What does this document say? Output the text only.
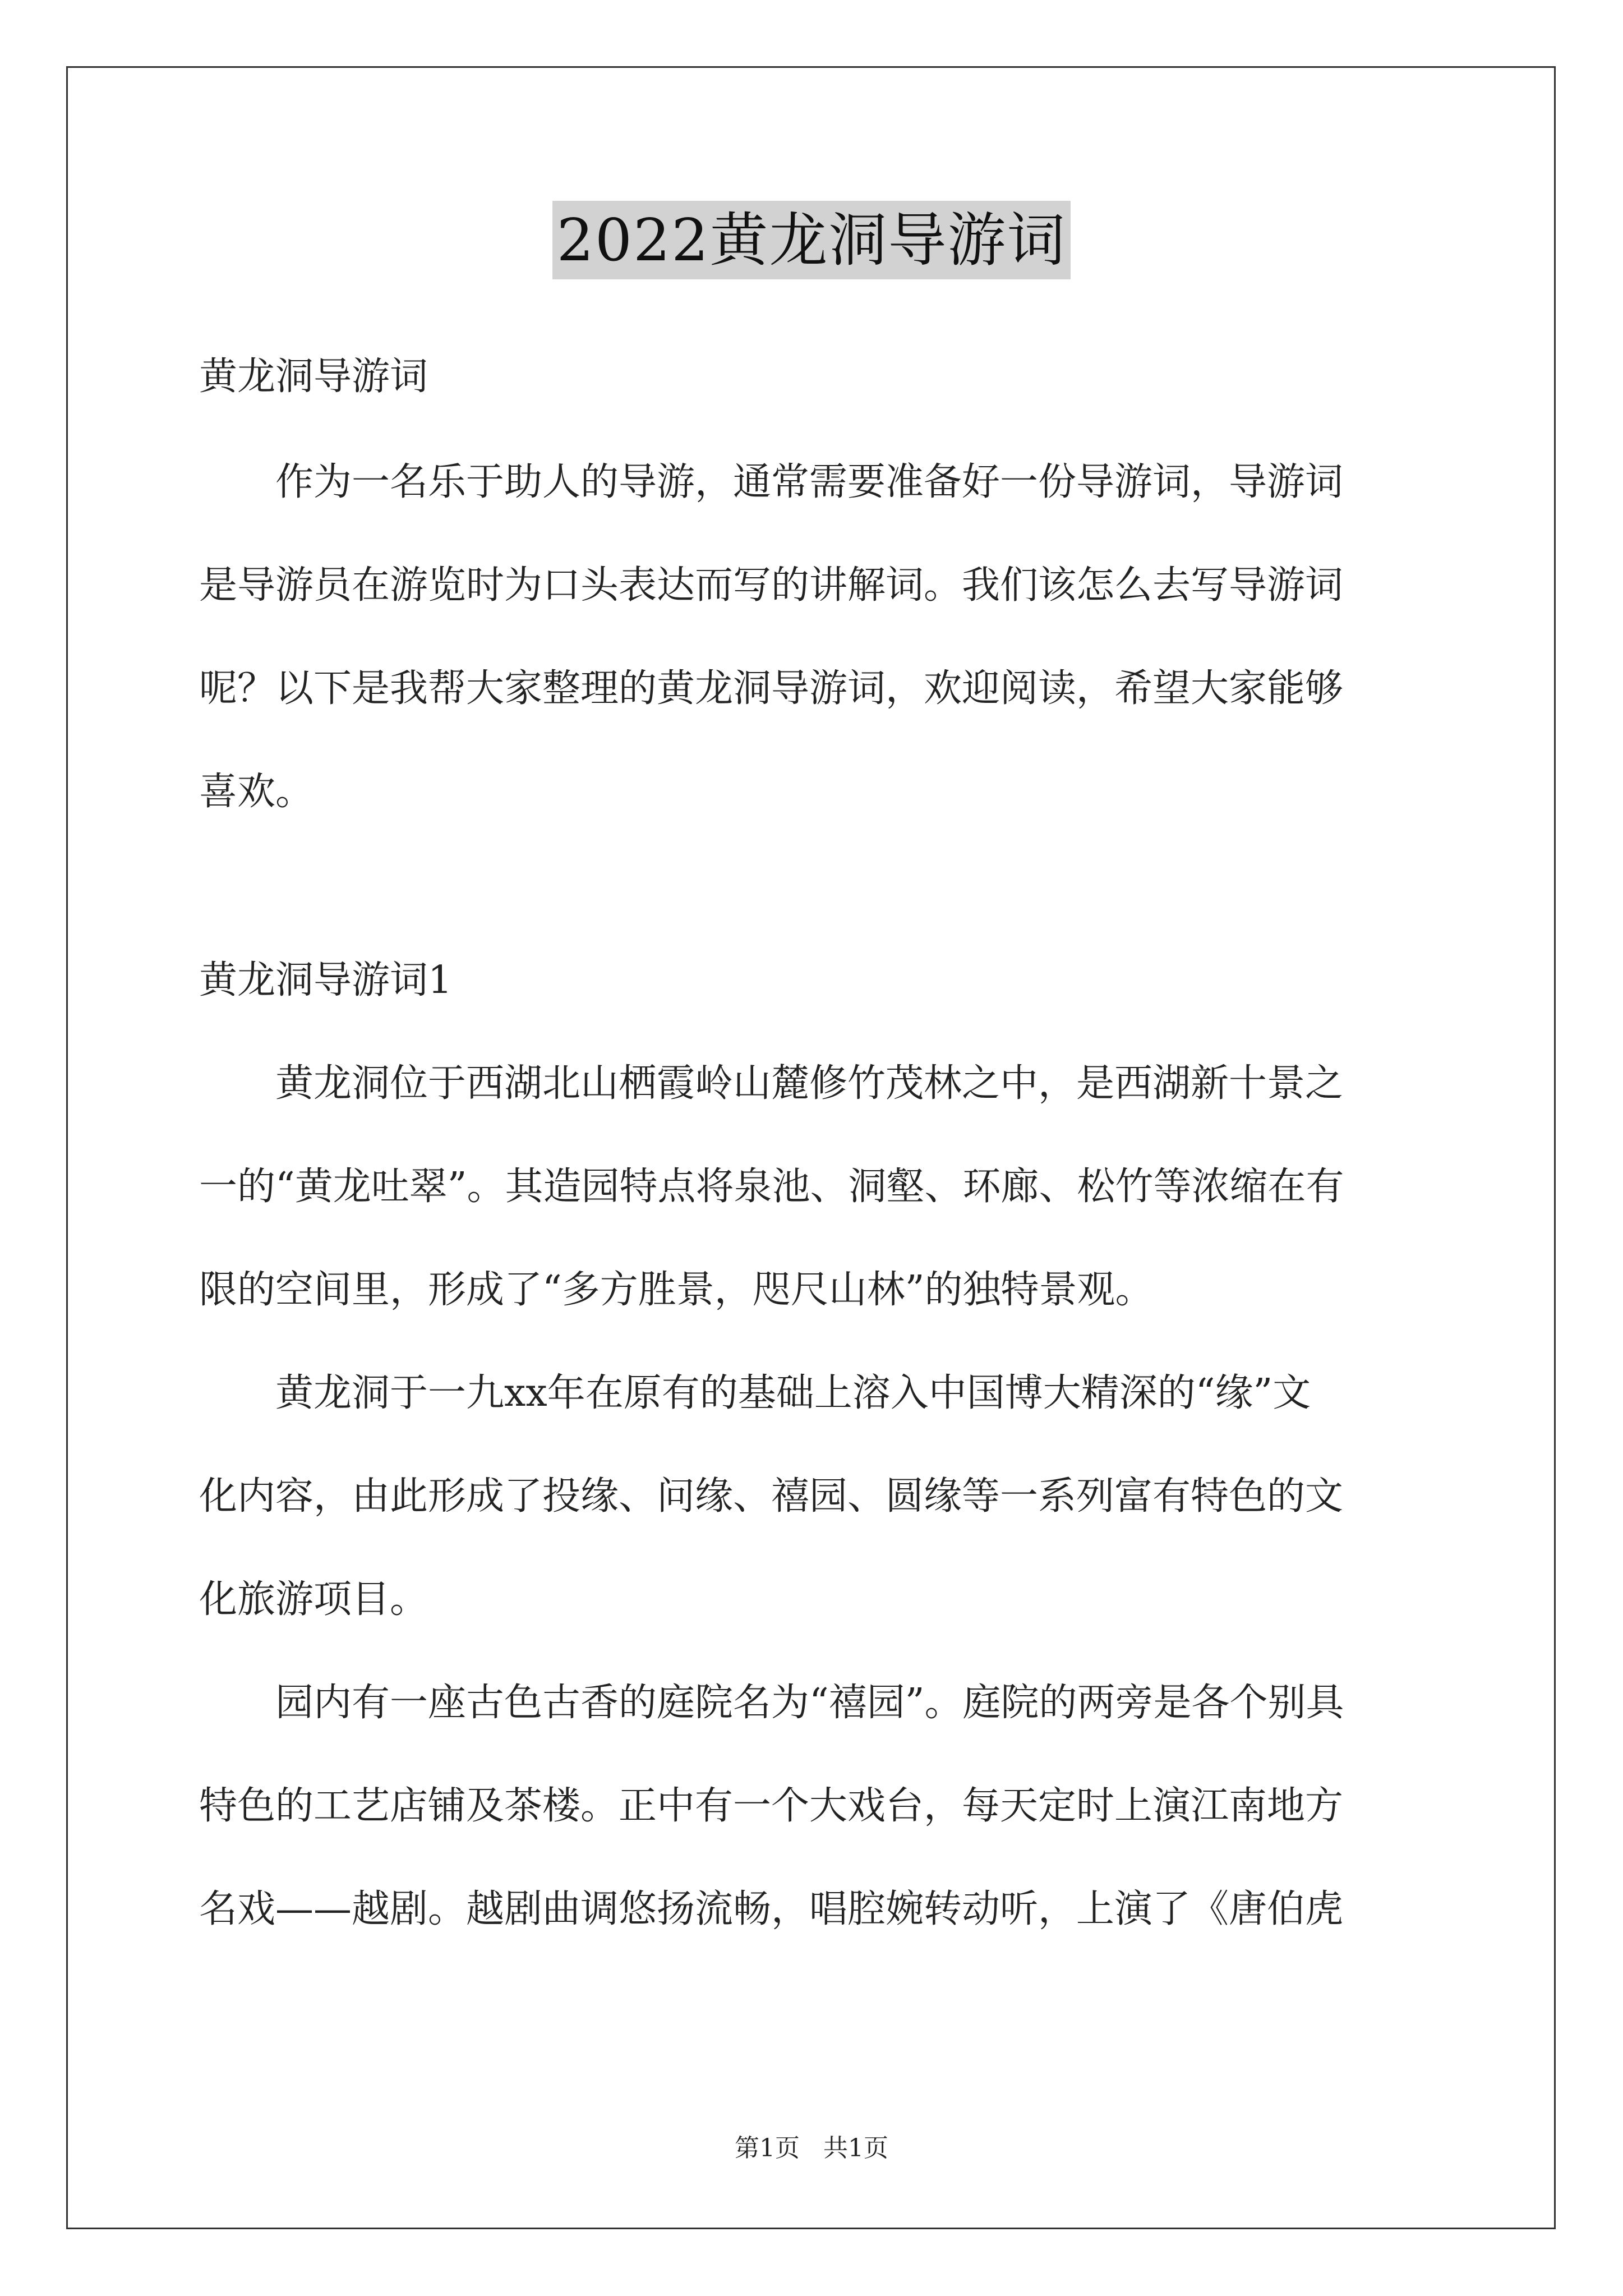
2022黄龙洞导游词

黄龙洞导游词

　　作为一名乐于助人的导游，通常需要准备好一份导游词，导游词

是导游员在游览时为口头表达而写的讲解词。我们该怎么去写导游词

呢？以下是我帮大家整理的黄龙洞导游词，欢迎阅读，希望大家能够

喜欢。

黄龙洞导游词1

　　黄龙洞位于西湖北山栖霞岭山麓修竹茂林之中，是西湖新十景之

一的“黄龙吐翠”。其造园特点将泉池、洞壑、环廊、松竹等浓缩在有

限的空间里，形成了“多方胜景，咫尺山林”的独特景观。

　　黄龙洞于一九xx年在原有的基础上溶入中国博大精深的“缘”文

化内容，由此形成了投缘、问缘、禧园、圆缘等一系列富有特色的文

化旅游项目。

　　园内有一座古色古香的庭院名为“禧园”。庭院的两旁是各个别具

特色的工艺店铺及茶楼。正中有一个大戏台，每天定时上演江南地方

名戏——越剧。越剧曲调悠扬流畅，唱腔婉转动听，上演了《唐伯虎

第1页 共1页
